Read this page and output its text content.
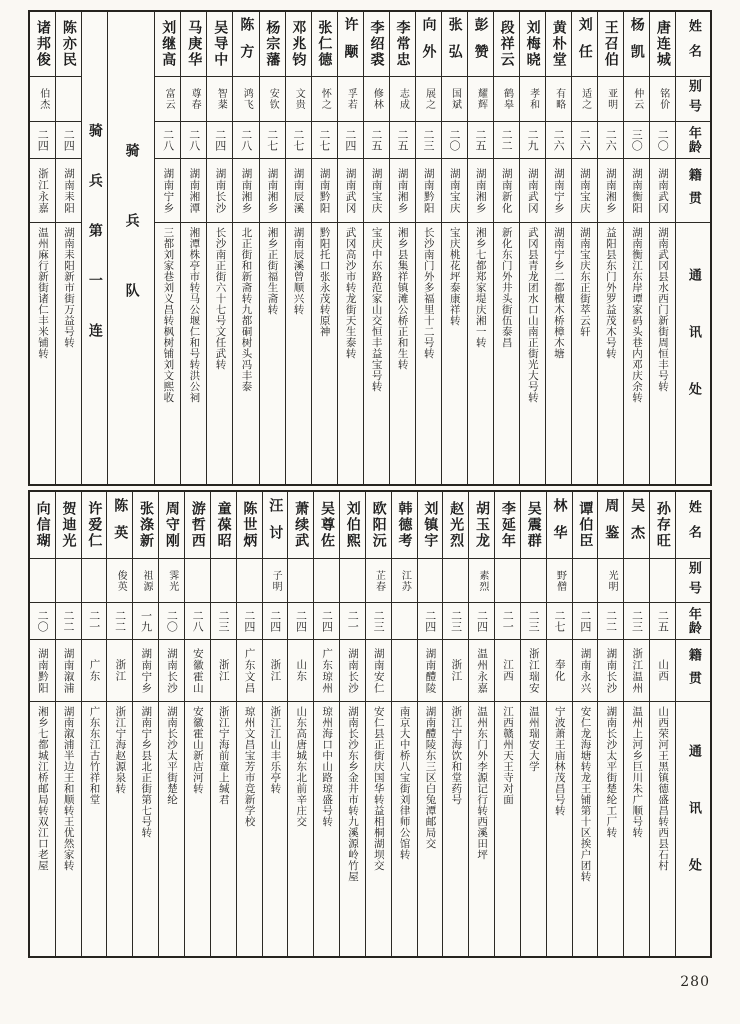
姓名
别号
年龄
籍贯
通讯处
唐连城
铭价
二〇
湖南武冈
湖南武冈县水西门新街周恒丰号转
杨凯
仲云
三〇
湖南衡阳
湖南衡江东岸谭家码头巷内邓庆余转
王召伯
亚明
二六
湖南湘乡
益阳县东门外罗益茂木号转
刘任
适之
二六
湖南宝庆
湖南宝庆东正街萃云轩
黄朴堂
有略
二六
湖南宁乡
湖南宁乡二都檀木桥樟木塘
刘梅晓
孝和
二九
湖南武冈
武冈县青龙团水口山南正街光大号转
段祥云
鹤皋
二二
湖南新化
新化东门外井头街伍泰昌
彭赞
耀辉
二五
湖南湘乡
湘乡七都郑家堤庆湘一转
张弘
国斌
二〇
湖南宝庆
宝庆桃花坪泰康祥转
向外
展之
二三
湖南黔阳
长沙南门外多福里十二号转
李常忠
志成
二五
湖南湘乡
湘乡县集祥镇滩公桥正和生转
李绍裘
修林
二五
湖南宝庆
宝庆中东路范家山交恒丰益宝号转
许颙
孚若
二四
湖南武冈
武冈高沙市转龙街天生泰转
张仁德
怀之
二七
湖南黔阳
黔阳托口张永茂转原神
邓兆钧
文贵
二七
湖南辰溪
湖南辰溪曾顺兴转
杨宗藩
安钦
二七
湖南湘乡
湘乡正街福生斋转
陈方
鸿飞
二八
湖南湘乡
北正街和新斋转九都硐树头冯丰泰
吴导中
智棻
二四
湖南长沙
长沙南正街六十七号文任武转
马庚华
尊春
二八
湖南湘潭
湘潭株亭市转马公堰仁和号转洪公祠
刘继高
富云
二八
湖南宁乡
三都刘家巷刘义昌转枫树铺刘文熙收
骑兵队
骑兵第一连
陈亦民
二四
湖南耒阳
湖南耒阳新市街万益号转
诸邦俊
伯杰
二四
浙江永嘉
温州麻行新街诸仁丰米铺转
姓名
别号
年龄
籍贯
通讯处
孙存旺
二五
山西
山西荣河王黑镇德盛昌转西县石村
吴杰
二三
浙江温州
温州上河乡巨川朱广顺号转
周鉴
光明
二二
湖南长沙
湖南长沙太平街楚纶工厂转
谭伯臣
二四
湖南永兴
安仁龙海塘转龙王铺第十区挨户团转
林华
野僧
二七
奉化
宁波萧王庙林茂昌号转
吴震群
二三
浙江瑞安
温州瑞安大学
李延年
二一
江西
江西赣州天王寺对面
胡玉龙
素烈
二四
温州永嘉
温州东门外李源记行转西溪田坪
赵光烈
二三
浙江
浙江宁海饮和堂药号
刘镇宇
二四
湖南醴陵
湖南醴陵东三区白兔潭邮局交
韩德考
江苏
南京大中桥八宝街刘律师公馆转
欧阳沅
芷春
二三
湖南安仁
安仁县正街庆国华转益相桐湖坝交
刘伯熙
二一
湖南长沙
湖南长沙东乡金井市转九溪源岭竹屋
吴尊佐
二四
广东琼州
琼州海口中山路琼盛号转
萧续武
二四
山东
山东高唐城东北前辛庄交
汪讨
子明
二四
浙江
浙江江山丰乐亭转
陈世炳
二四
广东文昌
琼州文昌宝芳市竞新学校
童葆昭
二三
浙江
浙江宁海前童上缄君
游哲西
二八
安徽霍山
安徽霍山新店河转
周守刚
霁光
二〇
湖南长沙
湖南长沙太平街楚纶
张涤新
祖源
一九
湖南宁乡
湖南宁乡县北正街第七号转
陈英
俊英
二二
浙江
浙江宁海赵源泉转
许爱仁
二一
广东
广东东江古竹祥和堂
贺迪光
二二
湖南溆浦
湖南溆浦半边王和顺转王优然家转
向信瑚
二〇
湖南黔阳
湘乡七都城江桥邮局转双江口老屋
280
